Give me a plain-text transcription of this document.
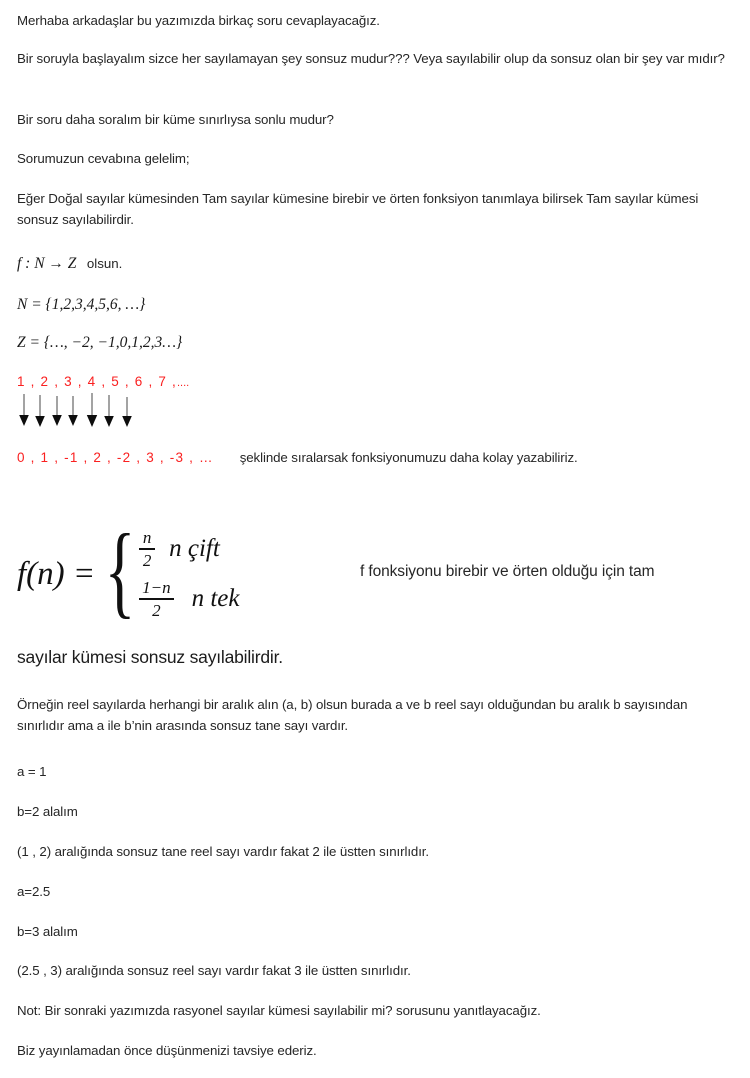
Merhaba arkadaşlar bu yazımızda birkaç soru cevaplayacağız.
Bir soruyla başlayalım sizce her sayılamayan şey sonsuz mudur??? Veya sayılabilir olup da sonsuz olan bir şey var mıdır?
Bir soru daha soralım bir küme sınırlıysa sonlu mudur?
Sorumuzun cevabına gelelim;
Eğer Doğal sayılar kümesinden Tam sayılar kümesine birebir ve örten fonksiyon tanımlaya bilirsek Tam sayılar kümesi sonsuz sayılabilirdir.
f : N → Z olsun.
N = {1,2,3,4,5,6, …}
Z = {…, −2, −1,0,1,2,3…}
1 , 2 , 3 , 4 , 5 , 6 , 7 ,....
0 , 1 , -1 , 2 , -2 , 3 , -3 , … şeklinde sıralarsak fonksiyonumuzu daha kolay yazabiliriz.
f(n) = { $\frac{n}{2}$ n çift
$\frac{1-n}{2}$ n tek
f fonksiyonu birebir ve örten olduğu için tam
sayılar kümesi sonsuz sayılabilirdir.
Örneğin reel sayılarda herhangi bir aralık alın (a, b) olsun burada a ve b reel sayı olduğundan bu aralık b sayısından sınırlıdır ama a ile b’nin arasında sonsuz tane sayı vardır.
a = 1
b=2 alalım
(1 , 2) aralığında sonsuz tane reel sayı vardır fakat 2 ile üstten sınırlıdır.
a=2.5
b=3 alalım
(2.5 , 3) aralığında sonsuz reel sayı vardır fakat 3 ile üstten sınırlıdır.
Not: Bir sonraki yazımızda rasyonel sayılar kümesi sayılabilir mi? sorusunu yanıtlayacağız.
Biz yayınlamadan önce düşünmenizi tavsiye ederiz.
